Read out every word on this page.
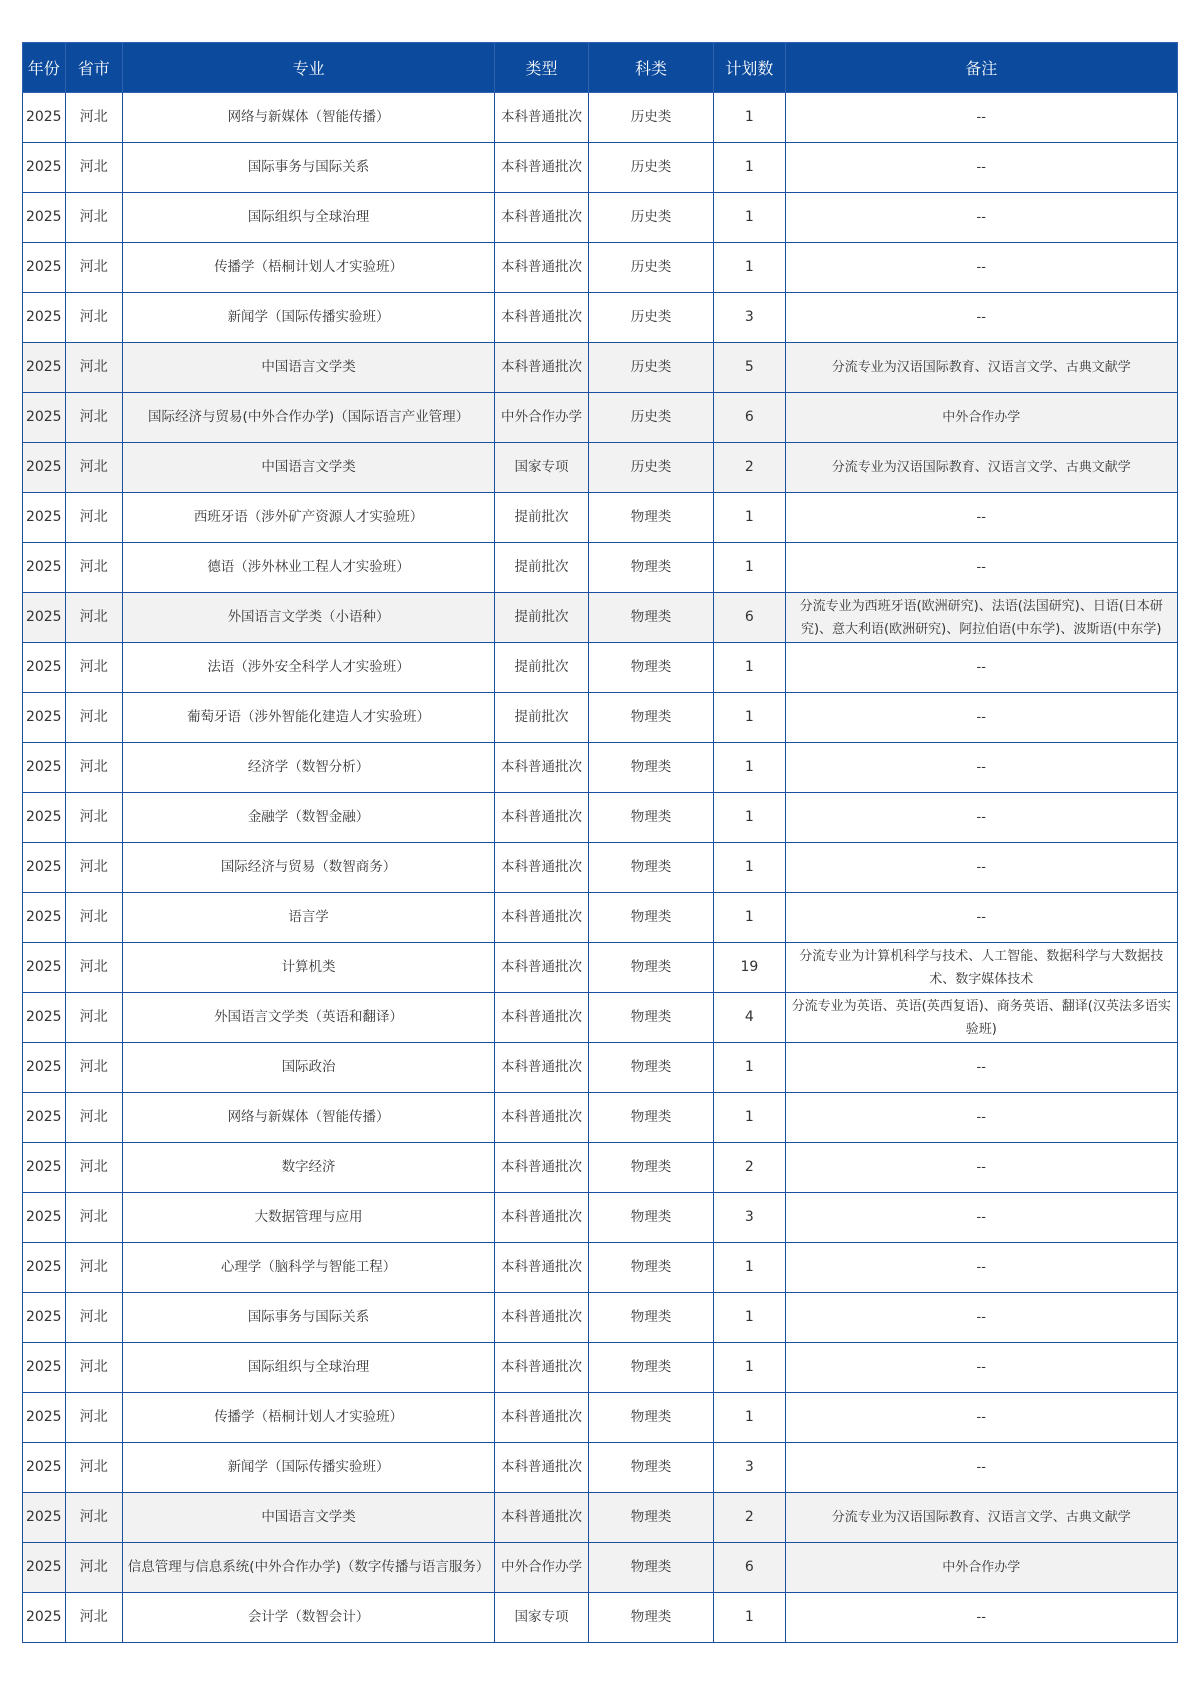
年份	省市	专业	类型	科类	计划数	备注
2025	河北	网络与新媒体（智能传播）	本科普通批次	历史类	1	--
2025	河北	国际事务与国际关系	本科普通批次	历史类	1	--
2025	河北	国际组织与全球治理	本科普通批次	历史类	1	--
2025	河北	传播学（梧桐计划人才实验班）	本科普通批次	历史类	1	--
2025	河北	新闻学（国际传播实验班）	本科普通批次	历史类	3	--
2025	河北	中国语言文学类	本科普通批次	历史类	5	分流专业为汉语国际教育、汉语言文学、古典文献学
2025	河北	国际经济与贸易(中外合作办学)（国际语言产业管理）	中外合作办学	历史类	6	中外合作办学
2025	河北	中国语言文学类	国家专项	历史类	2	分流专业为汉语国际教育、汉语言文学、古典文献学
2025	河北	西班牙语（涉外矿产资源人才实验班）	提前批次	物理类	1	--
2025	河北	德语（涉外林业工程人才实验班）	提前批次	物理类	1	--
2025	河北	外国语言文学类（小语种）	提前批次	物理类	6	分流专业为西班牙语(欧洲研究)、法语(法国研究)、日语(日本研究)、意大利语(欧洲研究)、阿拉伯语(中东学)、波斯语(中东学)
2025	河北	法语（涉外安全科学人才实验班）	提前批次	物理类	1	--
2025	河北	葡萄牙语（涉外智能化建造人才实验班）	提前批次	物理类	1	--
2025	河北	经济学（数智分析）	本科普通批次	物理类	1	--
2025	河北	金融学（数智金融）	本科普通批次	物理类	1	--
2025	河北	国际经济与贸易（数智商务）	本科普通批次	物理类	1	--
2025	河北	语言学	本科普通批次	物理类	1	--
2025	河北	计算机类	本科普通批次	物理类	19	分流专业为计算机科学与技术、人工智能、数据科学与大数据技术、数字媒体技术
2025	河北	外国语言文学类（英语和翻译）	本科普通批次	物理类	4	分流专业为英语、英语(英西复语)、商务英语、翻译(汉英法多语实验班)
2025	河北	国际政治	本科普通批次	物理类	1	--
2025	河北	网络与新媒体（智能传播）	本科普通批次	物理类	1	--
2025	河北	数字经济	本科普通批次	物理类	2	--
2025	河北	大数据管理与应用	本科普通批次	物理类	3	--
2025	河北	心理学（脑科学与智能工程）	本科普通批次	物理类	1	--
2025	河北	国际事务与国际关系	本科普通批次	物理类	1	--
2025	河北	国际组织与全球治理	本科普通批次	物理类	1	--
2025	河北	传播学（梧桐计划人才实验班）	本科普通批次	物理类	1	--
2025	河北	新闻学（国际传播实验班）	本科普通批次	物理类	3	--
2025	河北	中国语言文学类	本科普通批次	物理类	2	分流专业为汉语国际教育、汉语言文学、古典文献学
2025	河北	信息管理与信息系统(中外合作办学)（数字传播与语言服务）	中外合作办学	物理类	6	中外合作办学
2025	河北	会计学（数智会计）	国家专项	物理类	1	--
